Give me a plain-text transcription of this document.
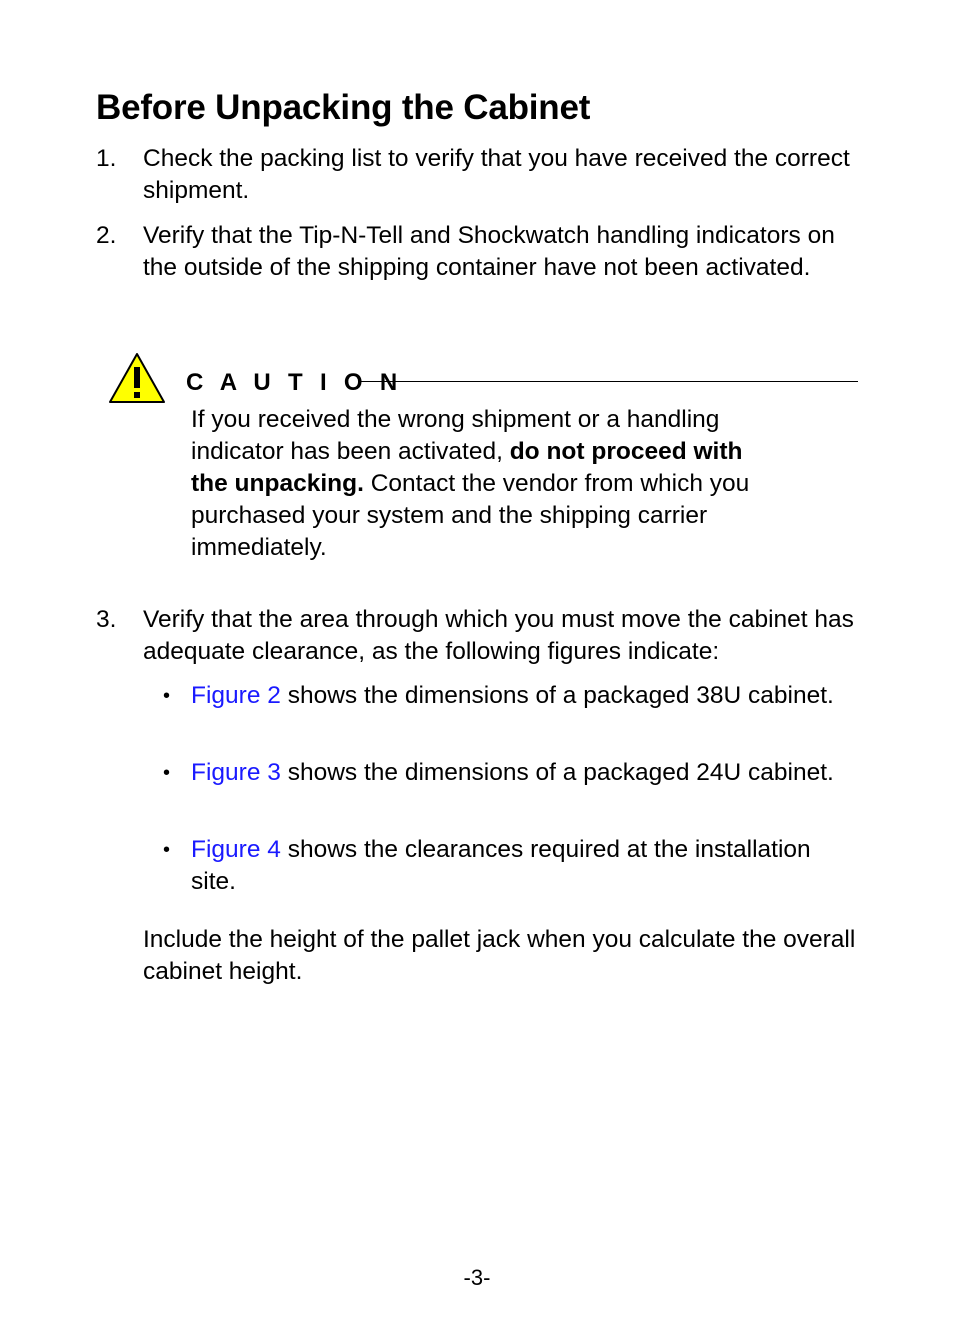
Before Unpacking the Cabinet
1. Check the packing list to verify that you have received the correct shipment.
2. Verify that the Tip-N-Tell and Shockwatch handling indicators on the outside of the shipping container have not been activated.
C A U T I O N
If you received the wrong shipment or a handling indicator has been activated, do not proceed with the unpacking. Contact the vendor from which you purchased your system and the shipping carrier immediately.
3. Verify that the area through which you must move the cabinet has adequate clearance, as the following figures indicate:
• Figure 2 shows the dimensions of a packaged 38U cabinet.
• Figure 3 shows the dimensions of a packaged 24U cabinet.
• Figure 4 shows the clearances required at the installation site.
Include the height of the pallet jack when you calculate the overall cabinet height.
-3-
